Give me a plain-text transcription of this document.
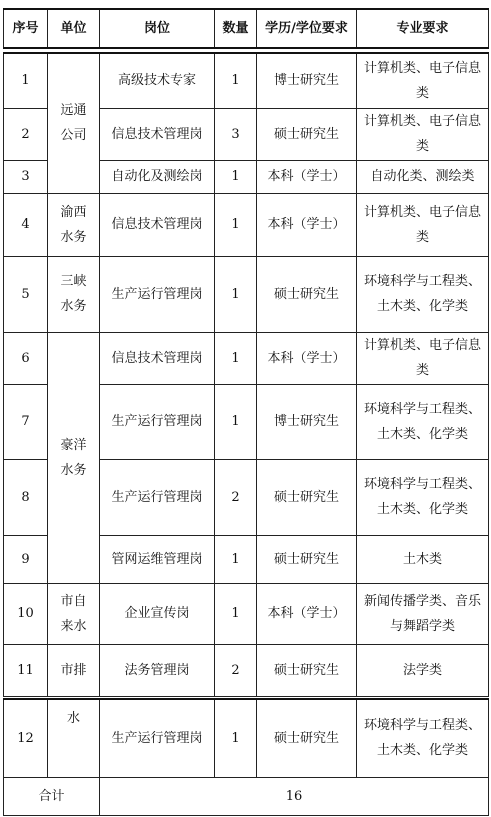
序号	单位	岗位	数量	学历/学位要求	专业要求
1	远通公司	高级技术专家	1	博士研究生	计算机类、电子信息类
2		信息技术管理岗	3	硕士研究生	计算机类、电子信息类
3		自动化及测绘岗	1	本科（学士）	自动化类、测绘类
4	渝西水务	信息技术管理岗	1	本科（学士）	计算机类、电子信息类
5	三峡水务	生产运行管理岗	1	硕士研究生	环境科学与工程类、土木类、化学类
6	豪洋水务	信息技术管理岗	1	本科（学士）	计算机类、电子信息类
7		生产运行管理岗	1	博士研究生	环境科学与工程类、土木类、化学类
8		生产运行管理岗	2	硕士研究生	环境科学与工程类、土木类、化学类
9		管网运维管理岗	1	硕士研究生	土木类
10	市自来水	企业宣传岗	1	本科（学士）	新闻传播学类、音乐与舞蹈学类
11	市排	法务管理岗	2	硕士研究生	法学类
12	水	生产运行管理岗	1	硕士研究生	环境科学与工程类、土木类、化学类
合计		16			
